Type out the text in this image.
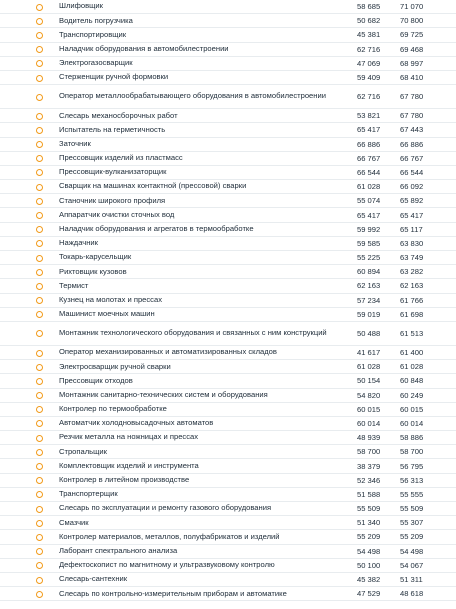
Шлифовщик	58 685	71 070
Водитель погрузчика	50 682	70 800
Транспортировщик	45 381	69 725
Наладчик оборудования в автомобилестроении	62 716	69 468
Электрогазосварщик	47 069	68 997
Стерженщик ручной формовки	59 409	68 410
Оператор металлообрабатывающего оборудования в автомобилестроении	62 716	67 780
Слесарь механосборочных работ	53 821	67 780
Испытатель на герметичность	65 417	67 443
Заточник	66 886	66 886
Прессовщик изделий из пластмасс	66 767	66 767
Прессовщик-вулканизаторщик	66 544	66 544
Сварщик на машинах контактной (прессовой) сварки	61 028	66 092
Станочник широкого профиля	55 074	65 892
Аппаратчик очистки сточных вод	65 417	65 417
Наладчик оборудования и агрегатов в термообработке	59 992	65 117
Наждачник	59 585	63 830
Токарь-карусельщик	55 225	63 749
Рихтовщик кузовов	60 894	63 282
Термист	62 163	62 163
Кузнец на молотах и прессах	57 234	61 766
Машинист моечных машин	59 019	61 698
Монтажник технологического оборудования и связанных с ним конструкций	50 488	61 513
Оператор механизированных и автоматизированных складов	41 617	61 400
Электросварщик ручной сварки	61 028	61 028
Прессовщик отходов	50 154	60 848
Монтажник санитарно-технических систем и оборудования	54 820	60 249
Контролер по термообработке	60 015	60 015
Автоматчик холодновысадочных автоматов	60 014	60 014
Резчик металла на ножницах и прессах	48 939	58 886
Стропальщик	58 700	58 700
Комплектовщик изделий и инструмента	38 379	56 795
Контролер в литейном производстве	52 346	56 313
Транспортерщик	51 588	55 555
Слесарь по эксплуатации и ремонту газового оборудования	55 509	55 509
Смазчик	51 340	55 307
Контролер материалов, металлов, полуфабрикатов и изделий	55 209	55 209
Лаборант спектрального анализа	54 498	54 498
Дефектоскопист по магнитному и ультразвуковому контролю	50 100	54 067
Слесарь-сантехник	45 382	51 311
Слесарь по контрольно-измерительным приборам и автоматике	47 529	48 618
